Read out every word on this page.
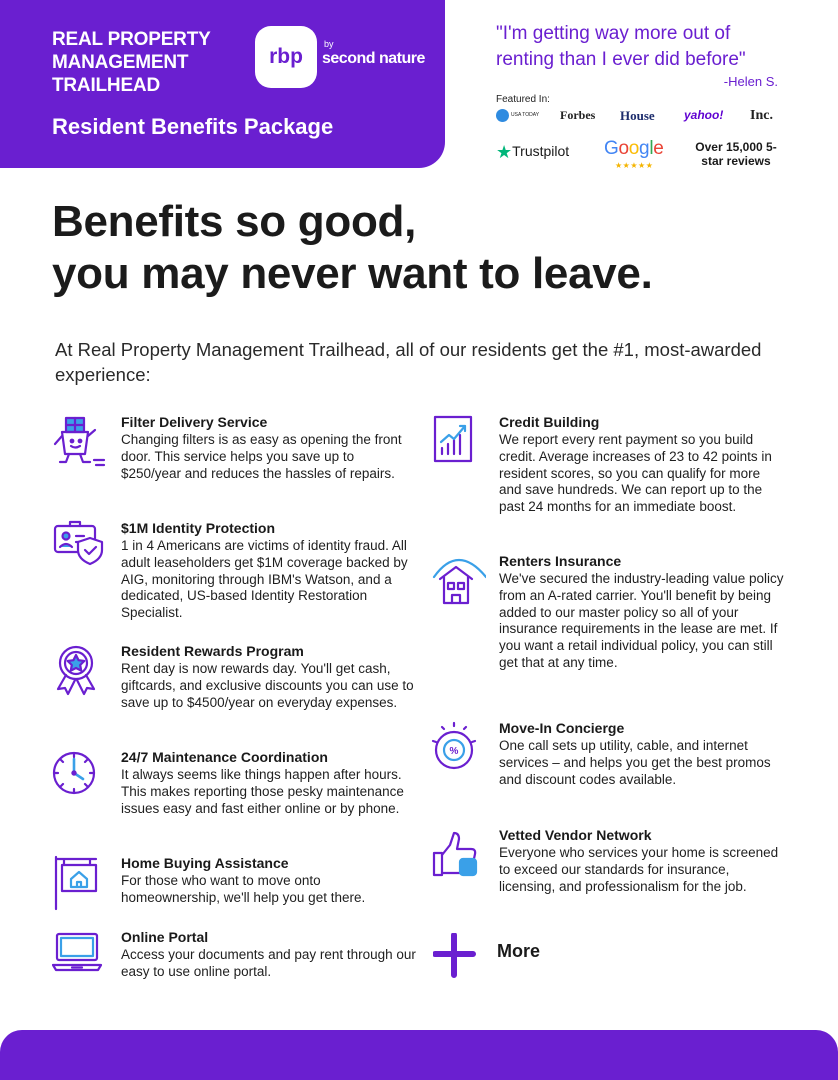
REAL PROPERTY MANAGEMENT TRAILHEAD
rbp
by
second nature
Resident Benefits Package
"I'm getting way more out of renting than I ever did before"
-Helen S.
Featured In:
USA TODAY Forbes House yahoo! Inc.
★Trustpilot Google
★★★★★
Over 15,000 5-star reviews
Benefits so good,
you may never want to leave.
At Real Property Management Trailhead, all of our residents get the #1, most-awarded experience:
Filter Delivery Service
Changing filters is as easy as opening the front door. This service helps you save up to $250/year and reduces the hassles of repairs.
$1M Identity Protection
1 in 4 Americans are victims of identity fraud. All adult leaseholders get $1M coverage backed by AIG, monitoring through IBM's Watson, and a dedicated, US-based Identity Restoration Specialist.
Resident Rewards Program
Rent day is now rewards day. You'll get cash, giftcards, and exclusive discounts you can use to save up to $4500/year on everyday expenses.
24/7 Maintenance Coordination
It always seems like things happen after hours. This makes reporting those pesky maintenance issues easy and fast either online or by phone.
Home Buying Assistance
For those who want to move onto homeownership, we'll help you get there.
Online Portal
Access your documents and pay rent through our easy to use online portal.
Credit Building
We report every rent payment so you build credit. Average increases of 23 to 42 points in resident scores, so you can qualify for more and save hundreds. We can report up to the past 24 months for an immediate boost.
Renters Insurance
We've secured the industry-leading value policy from an A-rated carrier. You'll benefit by being added to our master policy so all of your insurance requirements in the lease are met. If you want a retail individual policy, you can still get that at any time.
%
Move-In Concierge
One call sets up utility, cable, and internet services – and helps you get the best promos and discount codes available.
Vetted Vendor Network
Everyone who services your home is screened to exceed our standards for insurance, licensing, and professionalism for the job.
More
